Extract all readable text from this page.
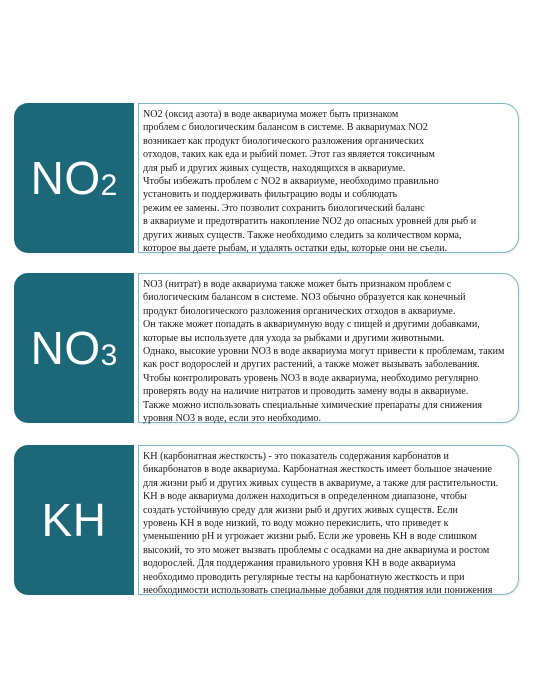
NO 2

NO2 (оксид азота) в воде аквариума может быть признаком
проблем с биологическим балансом в системе. В аквариумах NO2
возникает как продукт биологического разложения органических
отходов, таких как еда и рыбий помет. Этот газ является токсичным
для рыб и других живых существ, находящихся в аквариуме.
Чтобы избежать проблем с NO2 в аквариуме, необходимо правильно
установить и поддерживать фильтрацию воды и соблюдать
режим ее замены. Это позволит сохранить биологический баланс
в аквариуме и предотвратить накопление NO2 до опасных уровней для рыб и
других живых существ. Также необходимо следить за количеством корма,
которое вы даете рыбам, и удалять остатки еды, которые они не съели.

NO 3

NO3 (нитрат) в воде аквариума также может быть признаком проблем с
биологическим балансом в системе. NO3 обычно образуется как конечный
продукт биологического разложения органических отходов в аквариуме.
Он также может попадать в аквариумную воду с пищей и другими добавками,
которые вы используете для ухода за рыбками и другими животными.
Однако, высокие уровни NO3 в воде аквариума могут привести к проблемам, таким
как рост водорослей и других растений, а также может вызывать заболевания.
Чтобы контролировать уровень NO3 в воде аквариума, необходимо регулярно
проверять воду на наличие нитратов и проводить замену воды в аквариуме.
Также можно использовать специальные химические препараты для снижения
уровня NO3 в воде, если это необходимо.

KH

KH (карбонатная жесткость) - это показатель содержания карбонатов и
бикарбонатов в воде аквариума. Карбонатная жесткость имеет большое значение
для жизни рыб и других живых существ в аквариуме, а также для растительности.
KH в воде аквариума должен находиться в определенном диапазоне, чтобы
создать устойчивую среду для жизни рыб и других живых существ. Если
уровень KH в воде низкий, то воду можно перекислить, что приведет к
уменьшению pH и угрожает жизни рыб. Если же уровень KH в воде слишком
высокий, то это может вызвать проблемы с осадками на дне аквариума и ростом
водорослей. Для поддержания правильного уровня KH в воде аквариума
необходимо проводить регулярные тесты на карбонатную жесткость и при
необходимости использовать специальные добавки для поднятия или понижения
